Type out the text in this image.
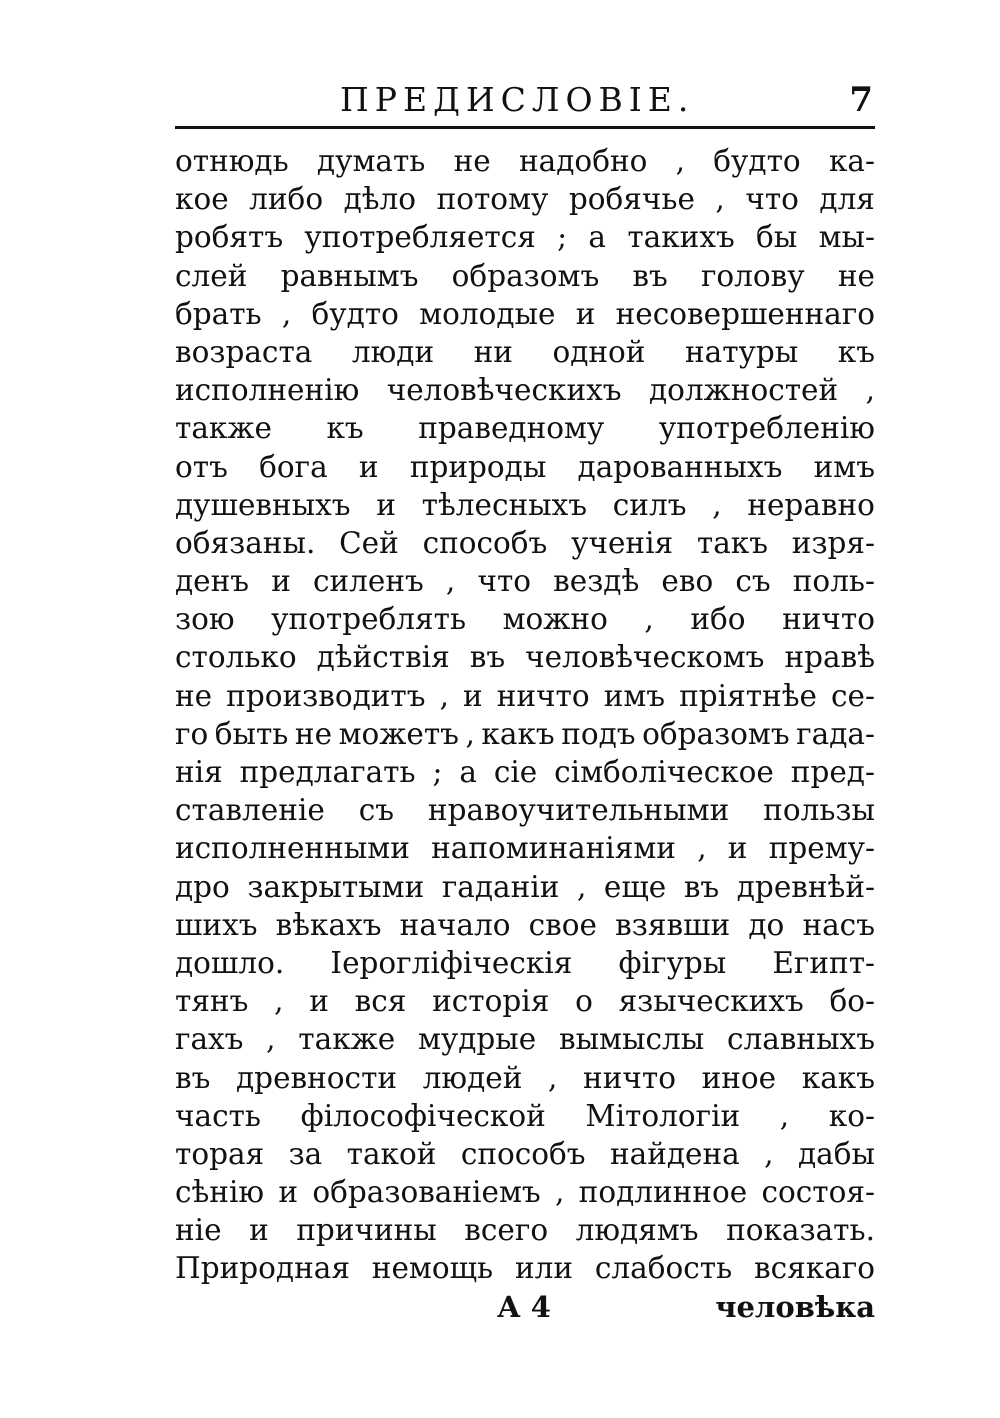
ПРЕДИСЛОВIЕ.	7
отнюдь думать не надобно , будто ка-
кое либо дѣло потому робячье , что для
робятъ употребляется ; а такихъ бы мы-
слей равнымъ образомъ въ голову не
брать , будто молодые и несовершеннаго
возраста люди ни одной натуры къ
исполненiю человѣческихъ должностей ,
также къ праведному употребленiю
отъ бога и природы дарованныхъ имъ
душевныхъ и тѣлесныхъ силъ , неравно
обязаны. Сей способъ ученiя такъ изря-
денъ и силенъ , что вездѣ ево съ поль-
зою употреблять можно , ибо ничто
столько дѣйствiя въ человѣческомъ нравѣ
не производитъ , и ничто имъ прiятнѣе се-
го быть не можетъ , какъ подъ образомъ гада-
нiя предлагать ; а сiе сiмболiческое пред-
ставленiе съ нравоучительными пользы
исполненными напоминанiями , и прему-
дро закрытыми гаданiи , еще въ древнѣй-
шихъ вѣкахъ начало свое взявши до насъ
дошло. Iероглiфiческiя фiгуры Египт-
тянъ , и вся исторiя о языческихъ бо-
гахъ , также мудрые вымыслы славныхъ
въ древности людей , ничто иное какъ
часть фiлософiческой Мiтологiи , ко-
торая за такой способъ найдена , дабы
сѣнiю и образованiемъ , подлинное состоя-
нiе и причины всего людямъ показать.
Природная немощь или слабость всякаго
А 4	человѣка
